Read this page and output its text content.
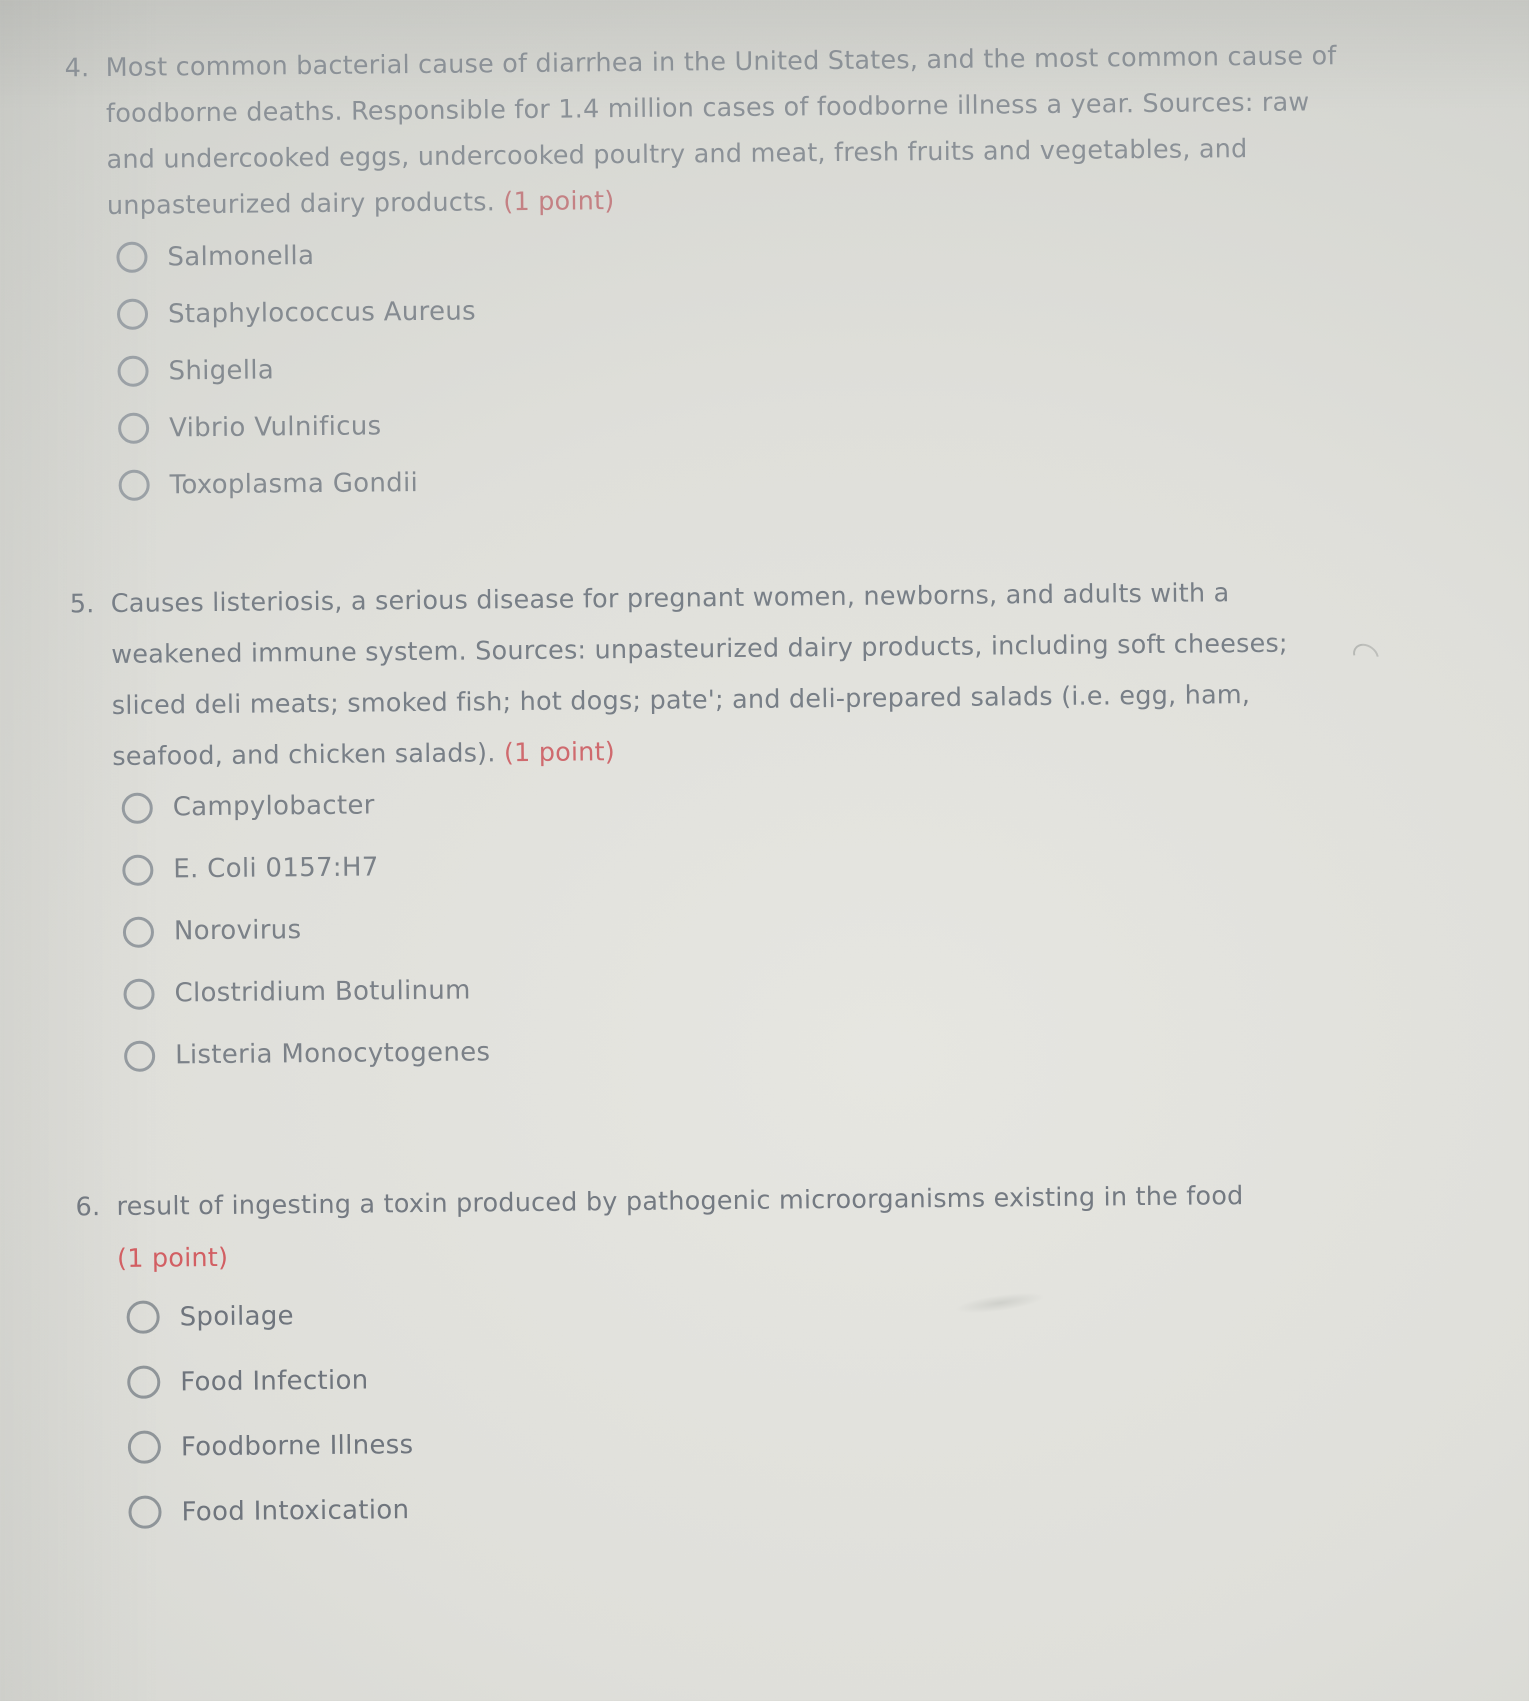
4. Most common bacterial cause of diarrhea in the United States, and the most common cause of
foodborne deaths. Responsible for 1.4 million cases of foodborne illness a year. Sources: raw
and undercooked eggs, undercooked poultry and meat, fresh fruits and vegetables, and
unpasteurized dairy products. (1 point)
Salmonella
Staphylococcus Aureus
Shigella
Vibrio Vulnificus
Toxoplasma Gondii
5. Causes listeriosis, a serious disease for pregnant women, newborns, and adults with a
weakened immune system. Sources: unpasteurized dairy products, including soft cheeses;
sliced deli meats; smoked fish; hot dogs; pate'; and deli-prepared salads (i.e. egg, ham,
seafood, and chicken salads). (1 point)
Campylobacter
E. Coli 0157:H7
Norovirus
Clostridium Botulinum
Listeria Monocytogenes
6. result of ingesting a toxin produced by pathogenic microorganisms existing in the food
(1 point)
Spoilage
Food Infection
Foodborne Illness
Food Intoxication
